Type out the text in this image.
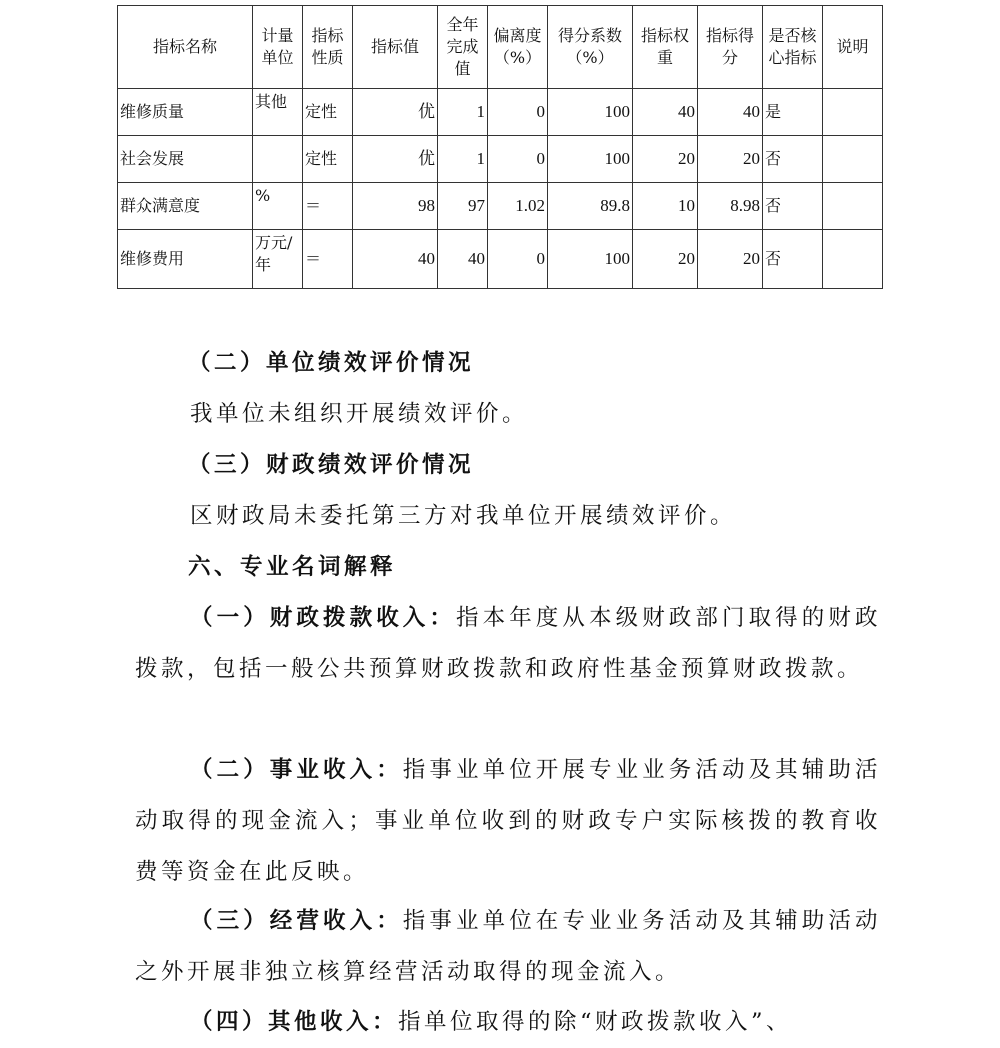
指标名称	计量单位	指标性质	指标值	全年完成值	偏离度（%）	得分系数（%）	指标权重	指标得分	是否核心指标	说明
维修质量	其他	定性	优	1	0	100	40	40	是	
社会发展		定性	优	1	0	100	20	20	否	
群众满意度	%	＝	98	97	1.02	89.8	10	8.98	否	
维修费用	万元/年	＝	40	40	0	100	20	20	否	

（二）单位绩效评价情况

我单位未组织开展绩效评价。

（三）财政绩效评价情况

区财政局未委托第三方对我单位开展绩效评价。

六、专业名词解释

（一）财政拨款收入：指本年度从本级财政部门取得的财政拨款，包括一般公共预算财政拨款和政府性基金预算财政拨款。

（二）事业收入：指事业单位开展专业业务活动及其辅助活动取得的现金流入；事业单位收到的财政专户实际核拨的教育收费等资金在此反映。

（三）经营收入：指事业单位在专业业务活动及其辅助活动之外开展非独立核算经营活动取得的现金流入。

（四）其他收入：指单位取得的除“财政拨款收入”、
